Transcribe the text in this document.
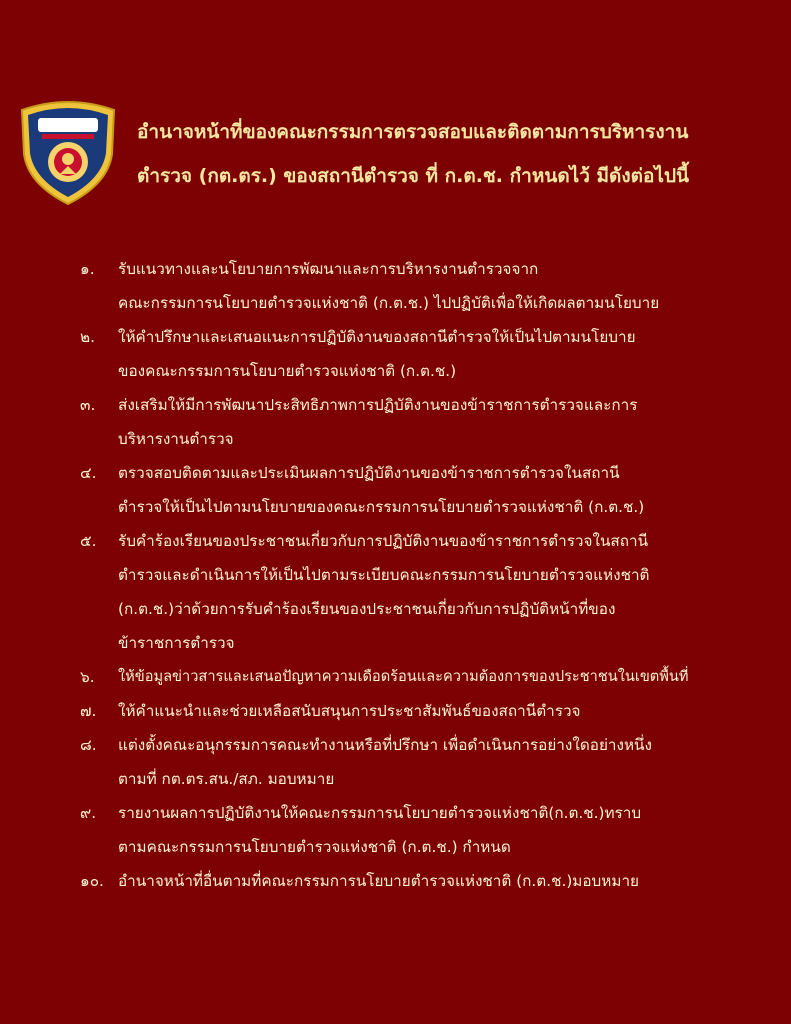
อำนาจหน้าที่ของคณะกรรมการตรวจสอบและติดตามการบริหารงาน
ตำรวจ (กต.ตร.) ของสถานีตำรวจ ที่ ก.ต.ช. กำหนดไว้ มีดังต่อไปนี้
๑.	รับแนวทางและนโยบายการพัฒนาและการบริหารงานตำรวจจาก
คณะกรรมการนโยบายตำรวจแห่งชาติ (ก.ต.ช.) ไปปฏิบัติเพื่อให้เกิดผลตามนโยบาย
๒.	ให้คำปรึกษาและเสนอแนะการปฏิบัติงานของสถานีตำรวจให้เป็นไปตามนโยบาย
ของคณะกรรมการนโยบายตำรวจแห่งชาติ (ก.ต.ช.)
๓.	ส่งเสริมให้มีการพัฒนาประสิทธิภาพการปฏิบัติงานของข้าราชการตำรวจและการ
บริหารงานตำรวจ
๔.	ตรวจสอบติดตามและประเมินผลการปฏิบัติงานของข้าราชการตำรวจในสถานี
ตำรวจให้เป็นไปตามนโยบายของคณะกรรมการนโยบายตำรวจแห่งชาติ (ก.ต.ช.)
๕.	รับคำร้องเรียนของประชาชนเกี่ยวกับการปฏิบัติงานของข้าราชการตำรวจในสถานี
ตำรวจและดำเนินการให้เป็นไปตามระเบียบคณะกรรมการนโยบายตำรวจแห่งชาติ
(ก.ต.ช.)ว่าด้วยการรับคำร้องเรียนของประชาชนเกี่ยวกับการปฏิบัติหน้าที่ของ
ข้าราชการตำรวจ
๖.	ให้ข้อมูลข่าวสารและเสนอปัญหาความเดือดร้อนและความต้องการของประชาชนในเขตพื้นที่
๗.	ให้คำแนะนำและช่วยเหลือสนับสนุนการประชาสัมพันธ์ของสถานีตำรวจ
๘.	แต่งตั้งคณะอนุกรรมการคณะทำงานหรือที่ปรึกษา เพื่อดำเนินการอย่างใดอย่างหนึ่ง
ตามที่ กต.ตร.สน./สภ. มอบหมาย
๙.	รายงานผลการปฏิบัติงานให้คณะกรรมการนโยบายตำรวจแห่งชาติ(ก.ต.ช.)ทราบ
ตามคณะกรรมการนโยบายตำรวจแห่งชาติ (ก.ต.ช.) กำหนด
๑๐. อำนาจหน้าที่อื่นตามที่คณะกรรมการนโยบายตำรวจแห่งชาติ (ก.ต.ช.)มอบหมาย
